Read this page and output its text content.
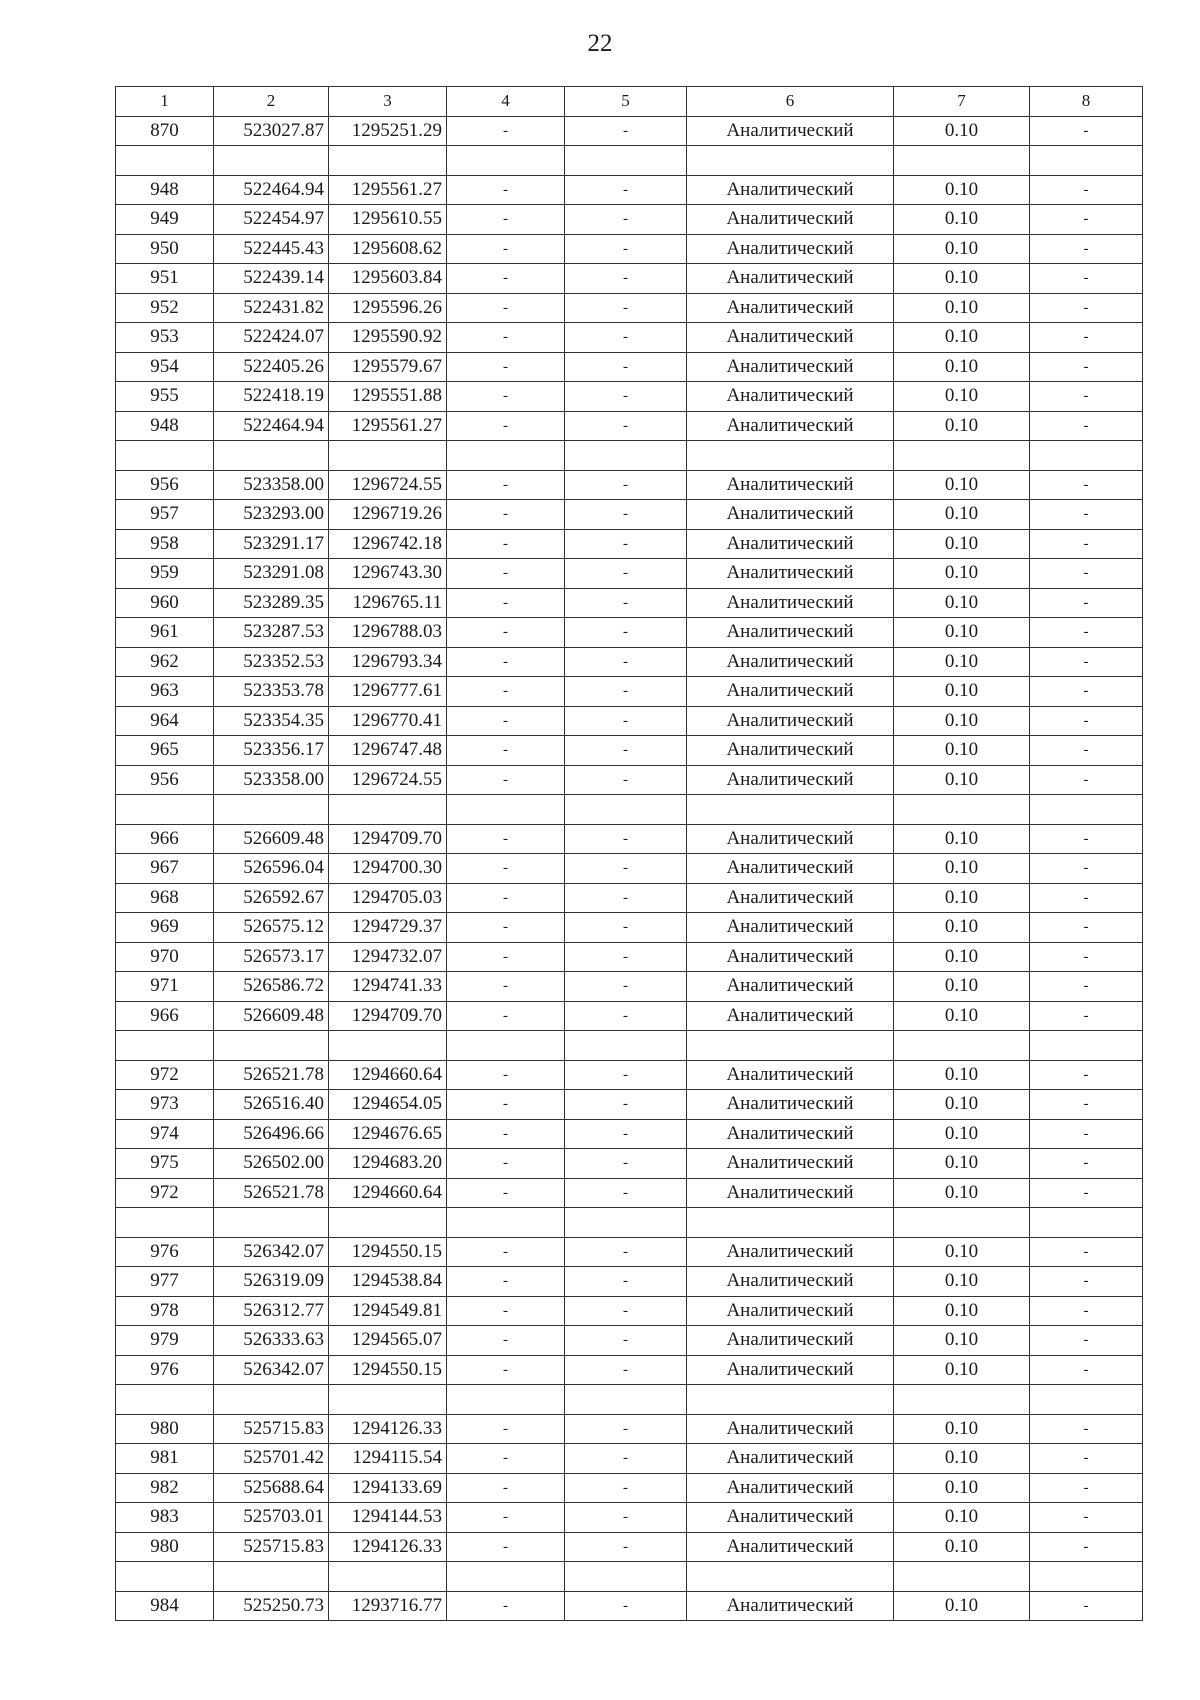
22
1	2	3	4	5	6	7	8
870	523027.87	1295251.29	-	-	Аналитический	0.10	-

948	522464.94	1295561.27	-	-	Аналитический	0.10	-
949	522454.97	1295610.55	-	-	Аналитический	0.10	-
950	522445.43	1295608.62	-	-	Аналитический	0.10	-
951	522439.14	1295603.84	-	-	Аналитический	0.10	-
952	522431.82	1295596.26	-	-	Аналитический	0.10	-
953	522424.07	1295590.92	-	-	Аналитический	0.10	-
954	522405.26	1295579.67	-	-	Аналитический	0.10	-
955	522418.19	1295551.88	-	-	Аналитический	0.10	-
948	522464.94	1295561.27	-	-	Аналитический	0.10	-

956	523358.00	1296724.55	-	-	Аналитический	0.10	-
957	523293.00	1296719.26	-	-	Аналитический	0.10	-
958	523291.17	1296742.18	-	-	Аналитический	0.10	-
959	523291.08	1296743.30	-	-	Аналитический	0.10	-
960	523289.35	1296765.11	-	-	Аналитический	0.10	-
961	523287.53	1296788.03	-	-	Аналитический	0.10	-
962	523352.53	1296793.34	-	-	Аналитический	0.10	-
963	523353.78	1296777.61	-	-	Аналитический	0.10	-
964	523354.35	1296770.41	-	-	Аналитический	0.10	-
965	523356.17	1296747.48	-	-	Аналитический	0.10	-
956	523358.00	1296724.55	-	-	Аналитический	0.10	-

966	526609.48	1294709.70	-	-	Аналитический	0.10	-
967	526596.04	1294700.30	-	-	Аналитический	0.10	-
968	526592.67	1294705.03	-	-	Аналитический	0.10	-
969	526575.12	1294729.37	-	-	Аналитический	0.10	-
970	526573.17	1294732.07	-	-	Аналитический	0.10	-
971	526586.72	1294741.33	-	-	Аналитический	0.10	-
966	526609.48	1294709.70	-	-	Аналитический	0.10	-

972	526521.78	1294660.64	-	-	Аналитический	0.10	-
973	526516.40	1294654.05	-	-	Аналитический	0.10	-
974	526496.66	1294676.65	-	-	Аналитический	0.10	-
975	526502.00	1294683.20	-	-	Аналитический	0.10	-
972	526521.78	1294660.64	-	-	Аналитический	0.10	-

976	526342.07	1294550.15	-	-	Аналитический	0.10	-
977	526319.09	1294538.84	-	-	Аналитический	0.10	-
978	526312.77	1294549.81	-	-	Аналитический	0.10	-
979	526333.63	1294565.07	-	-	Аналитический	0.10	-
976	526342.07	1294550.15	-	-	Аналитический	0.10	-

980	525715.83	1294126.33	-	-	Аналитический	0.10	-
981	525701.42	1294115.54	-	-	Аналитический	0.10	-
982	525688.64	1294133.69	-	-	Аналитический	0.10	-
983	525703.01	1294144.53	-	-	Аналитический	0.10	-
980	525715.83	1294126.33	-	-	Аналитический	0.10	-

984	525250.73	1293716.77	-	-	Аналитический	0.10	-
